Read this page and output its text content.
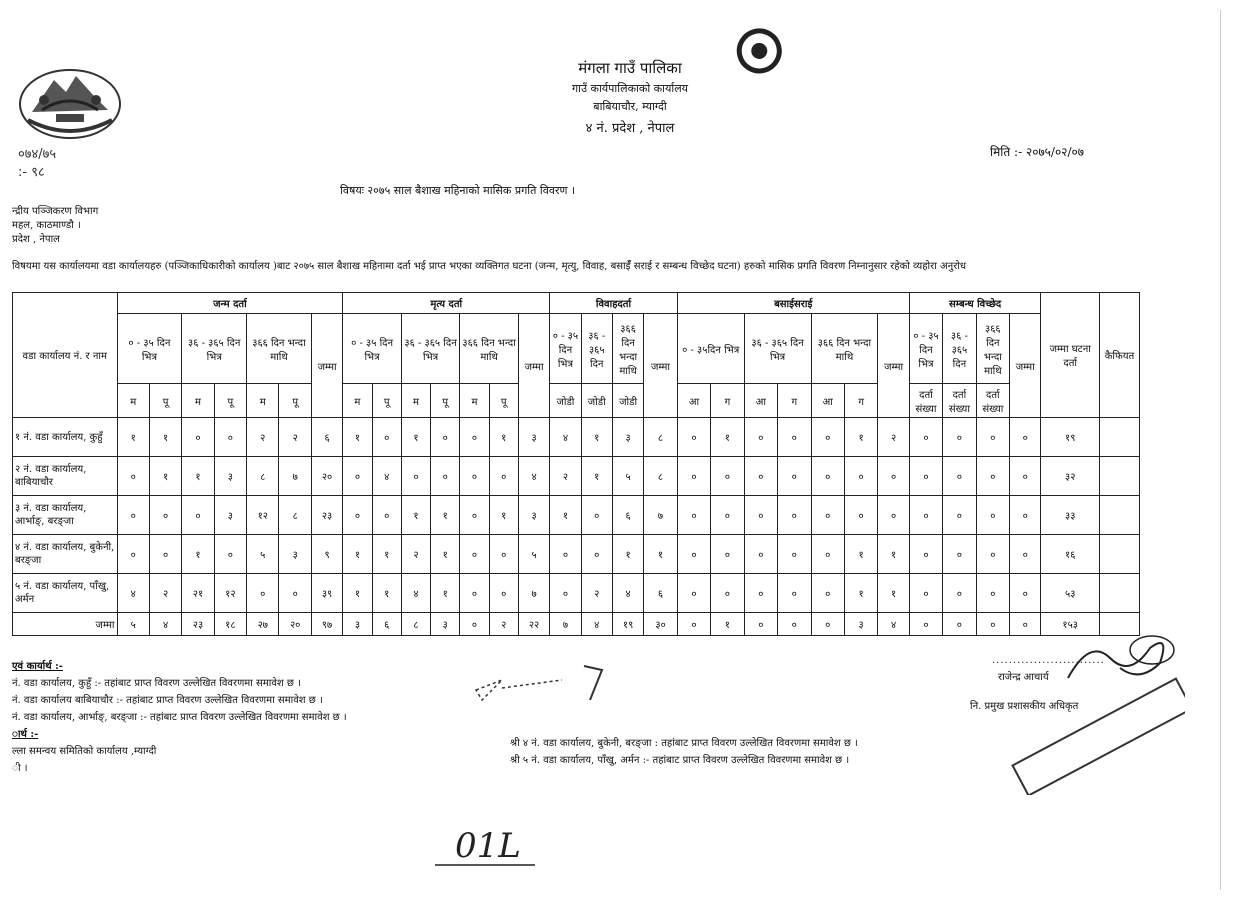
०७४/७५
:- ९८
मंगला गाउँ पालिका
गाउँ कार्यपालिकाको कार्यालय
बाबियाचौर, म्याग्दी
४ नं. प्रदेश , नेपाल
मिति :- २०७५/०२/०७
विषयः २०७५ साल बैशाख महिनाको मासिक प्रगति विवरण ।
न्द्रीय पञ्जिकरण विभाग
महल, काठमाण्डौ ।
प्रदेश , नेपाल
विषयमा यस कार्यालयमा वडा कार्यालयहरु (पञ्जिकाधिकारीको कार्यालय )बाट २०७५ साल बैशाख महिनामा दर्ता भई प्राप्त भएका व्यक्तिगत घटना (जन्म, मृत्यु, विवाह, बसाईँ सराई र सम्बन्ध विच्छेद घटना) हरुको मासिक प्रगति विवरण निम्नानुसार रहेको व्यहोरा अनुरोध
वडा कार्यालय नं. र नाम	जन्म दर्ता							मृत्य दर्ता							विवाहदर्ता				बसाईसराई							सम्बन्ध विच्छेद				जम्मा घटना दर्ता	कैफियत
	० - ३५ दिन भित्र		३६ - ३६५ दिन भित्र		३६६ दिन भन्दा माथि		जम्मा	० - ३५ दिन भित्र		३६ - ३६५ दिन भित्र		३६६ दिन भन्दा माथि		जम्मा	० - ३५ दिन भित्र	३६ - ३६५ दिन	३६६ दिन भन्दा माथि	जम्मा	० - ३५दिन भित्र		३६ - ३६५ दिन भित्र		३६६ दिन भन्दा माथि		जम्मा	० - ३५ दिन भित्र	३६ - ३६५ दिन	३६६ दिन भन्दा माथि	जम्मा		
	म	पू	म	पू	म	पू		म	पू	म	पू	म	पू		जोडी	जोडी	जोडी		आ	ग	आ	ग	आ	ग		दर्ता संख्या	दर्ता संख्या	दर्ता संख्या			
१ नं. वडा कार्यालय, कुहुँ	१	१	०	०	२	२	६	१	०	१	०	०	१	३	४	१	३	८	०	१	०	०	०	१	२	०	०	०	०	१९	
२ नं. वडा कार्यालय, बाबियाचौर	०	१	१	३	८	७	२०	०	४	०	०	०	०	४	२	१	५	८	०	०	०	०	०	०	०	०	०	०	०	३२	
३ नं. वडा कार्यालय, आर्भाङ्, बरङ्जा	०	०	०	३	१२	८	२३	०	०	१	१	०	१	३	१	०	६	७	०	०	०	०	०	०	०	०	०	०	०	३३	
४ नं. वडा कार्यालय, बुकेनी, बरङ्जा	०	०	१	०	५	३	९	१	१	२	१	०	०	५	०	०	१	१	०	०	०	०	०	१	१	०	०	०	०	१६	
५ नं. वडा कार्यालय, पाँखु, अर्मन	४	२	२१	१२	०	०	३९	१	१	४	१	०	०	७	०	२	४	६	०	०	०	०	०	१	१	०	०	०	०	५३	
जम्मा	५	४	२३	१८	२७	२०	९७	३	६	८	३	०	२	२२	७	४	१९	३०	०	१	०	०	०	३	४	०	०	०	०	१५३	
एवं कार्यार्थ :-
नं. वडा कार्यालय, कुहुँ :- तहांबाट प्राप्त विवरण उल्लेखित विवरणमा समावेश छ ।
नं. वडा कार्यालय बाबियाचौर :- तहांबाट प्राप्त विवरण उल्लेखित विवरणमा समावेश छ ।
नं. वडा कार्यालय, आर्भाङ्, बरङ्जा :- तहांबाट प्राप्त विवरण उल्लेखित विवरणमा समावेश छ ।
ार्थ :-
ल्ला समन्वय समितिको कार्यालय ,म्याग्दी
ी ।
श्री ४ नं. वडा कार्यालय, बुकेनी, बरङ्जा : तहांबाट प्राप्त विवरण उल्लेखित विवरणमा समावेश छ ।
श्री ५ नं. वडा कार्यालय, पाँखु, अर्मन :- तहांबाट प्राप्त विवरण उल्लेखित विवरणमा समावेश छ ।
...........................
राजेन्द्र आचार्य
नि. प्रमुख प्रशासकीय अधिकृत
01L
